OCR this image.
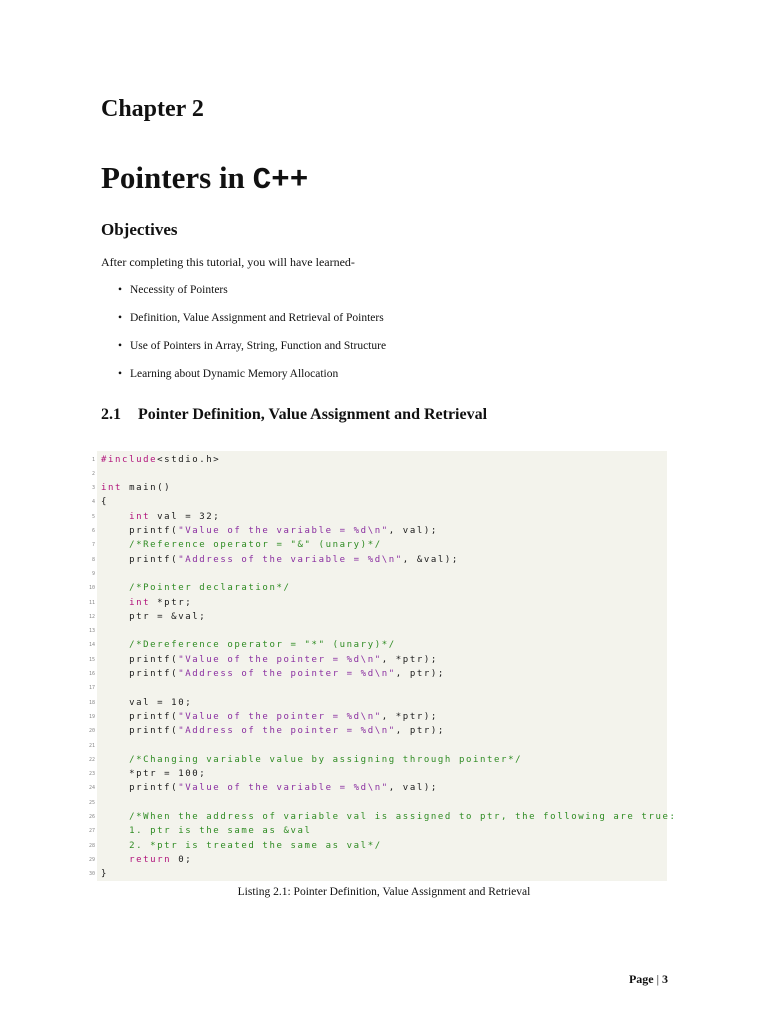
Chapter 2
Pointers in C++
Objectives
After completing this tutorial, you will have learned-
• Necessity of Pointers
• Definition, Value Assignment and Retrieval of Pointers
• Use of Pointers in Array, String, Function and Structure
• Learning about Dynamic Memory Allocation
2.1 Pointer Definition, Value Assignment and Retrieval
1 #include<stdio.h>
2
3 int main()
4 {
5	int val = 32;
6 printf("Value of the variable = %d\n", val);
7	/*Reference operator = "&" (unary)*/
8 printf("Address of the variable = %d\n", &val);
9
10	/*Pointer declaration*/
11	int *ptr;
12 ptr = &val;
13
14	/*Dereference operator = "*" (unary)*/
15 printf("Value of the pointer = %d\n", *ptr);
16 printf("Address of the pointer = %d\n", ptr);
17
18 val = 10;
19 printf("Value of the pointer = %d\n", *ptr);
20 printf("Address of the pointer = %d\n", ptr);
21
22	/*Changing variable value by assigning through pointer*/
23 *ptr = 100;
24 printf("Value of the variable = %d\n", val);
25
26	/*When the address of variable val is assigned to ptr, the following are true:
27	1. ptr is the same as &val
28	2. *ptr is treated the same as val*/
29	return 0;
30 }
Listing 2.1: Pointer Definition, Value Assignment and Retrieval
Page | 3
